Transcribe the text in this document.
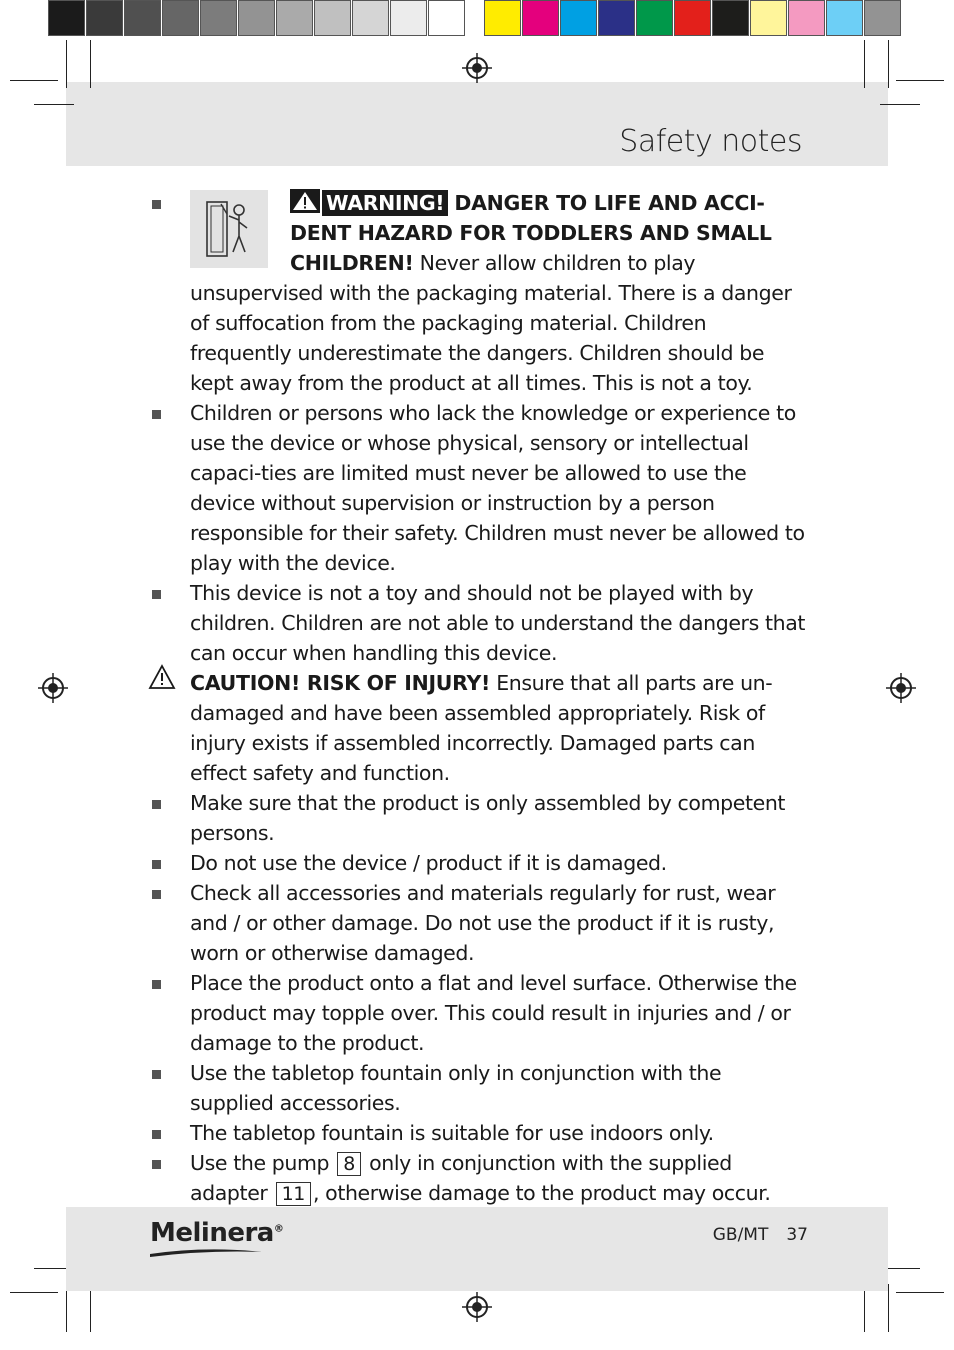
Safety notes
WARNING! DANGER TO LIFE AND ACCI-DENT HAZARD FOR TODDLERS AND SMALL CHILDREN! Never allow children to play unsupervised with the packaging material. There is a danger of suffocation from the packaging material. Children frequently underestimate the dangers. Children should be kept away from the product at all times. This is not a toy.
Children or persons who lack the knowledge or experience to use the device or whose physical, sensory or intellectual capaci-ties are limited must never be allowed to use the device without supervision or instruction by a person responsible for their safety. Children must never be allowed to play with the device.
This device is not a toy and should not be played with by children. Children are not able to understand the dangers that can occur when handling this device.
CAUTION! RISK OF INJURY! Ensure that all parts are un-damaged and have been assembled appropriately. Risk of injury exists if assembled incorrectly. Damaged parts can effect safety and function.
Make sure that the product is only assembled by competent persons.
Do not use the device / product if it is damaged.
Check all accessories and materials regularly for rust, wear and / or other damage. Do not use the product if it is rusty, worn or otherwise damaged.
Place the product onto a flat and level surface. Otherwise the product may topple over. This could result in injuries and / or damage to the product.
Use the tabletop fountain only in conjunction with the supplied accessories.
The tabletop fountain is suitable for use indoors only.
Use the pump 8 only in conjunction with the supplied adapter 11 , otherwise damage to the product may occur.
Melinera®	GB/MT 37
